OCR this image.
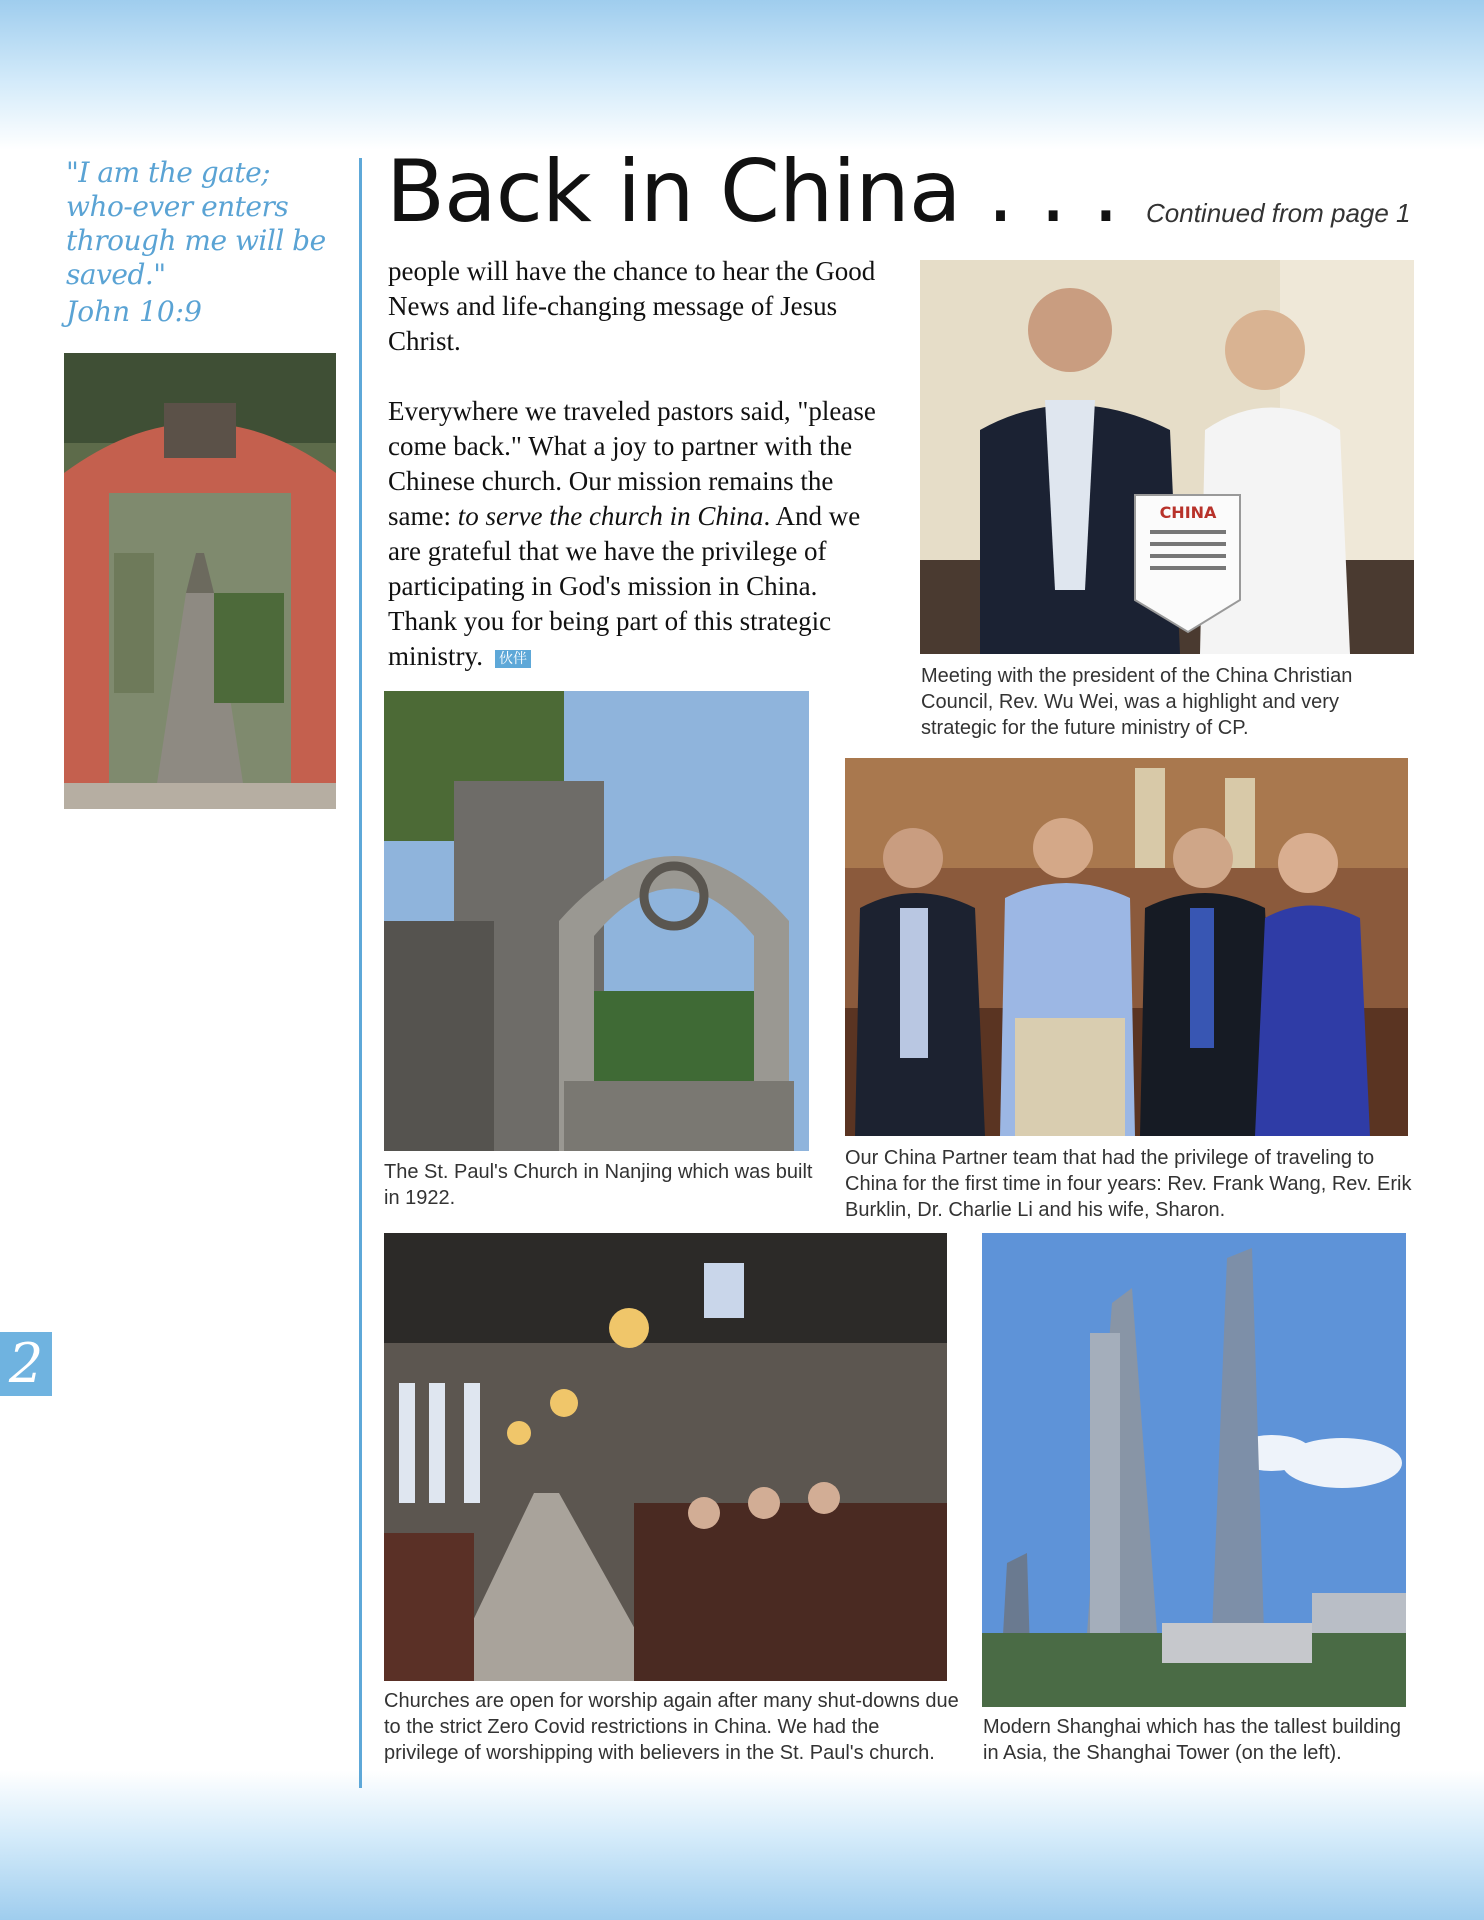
"I am the gate; who-ever enters through me will be saved."
John 10:9
2
Back in China . . . Continued from page 1

people will have the chance to hear the Good News and life-changing message of Jesus Christ.

Everywhere we traveled pastors said, "please come back." What a joy to partner with the Chinese church. Our mission remains the same: to serve the church in China. And we are grateful that we have the privilege of participating in God's mission in China. Thank you for being part of this strategic ministry. 伙伴

CHINA
Meeting with the president of the China Christian Council, Rev. Wu Wei, was a highlight and very strategic for the future ministry of CP.
The St. Paul's Church in Nanjing which was built in 1922.
Our China Partner team that had the privilege of traveling to China for the first time in four years: Rev. Frank Wang, Rev. Erik Burklin, Dr. Charlie Li and his wife, Sharon.
Churches are open for worship again after many shut-downs due to the strict Zero Covid restrictions in China. We had the privilege of worshipping with believers in the St. Paul's church.
Modern Shanghai which has the tallest building in Asia, the Shanghai Tower (on the left).
